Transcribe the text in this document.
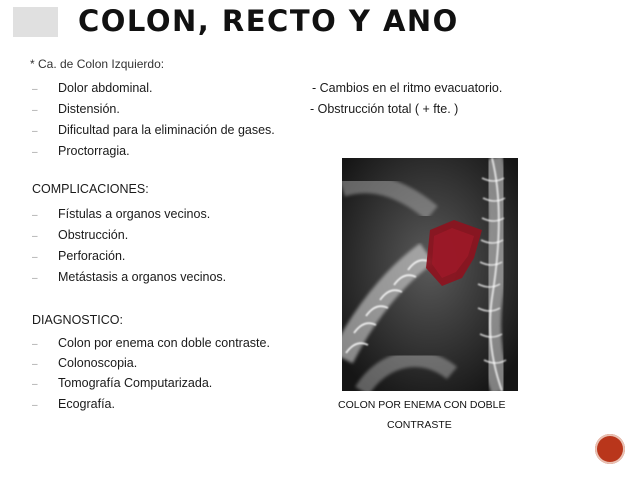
COLON, RECTO Y ANO
* Ca. de Colon Izquierdo:
– Dolor abdominal.
– Distensión.
– Dificultad para la eliminación de gases.
– Proctorragia.
- Cambios en el ritmo evacuatorio.
- Obstrucción total ( + fte. )
COMPLICACIONES:
– Fístulas a organos vecinos.
– Obstrucción.
– Perforación.
– Metástasis a organos vecinos.
DIAGNOSTICO:
– Colon por enema con doble contraste.
– Colonoscopia.
– Tomografía Computarizada.
– Ecografía.	COLON POR ENEMA CON DOBLE
CONTRASTE
